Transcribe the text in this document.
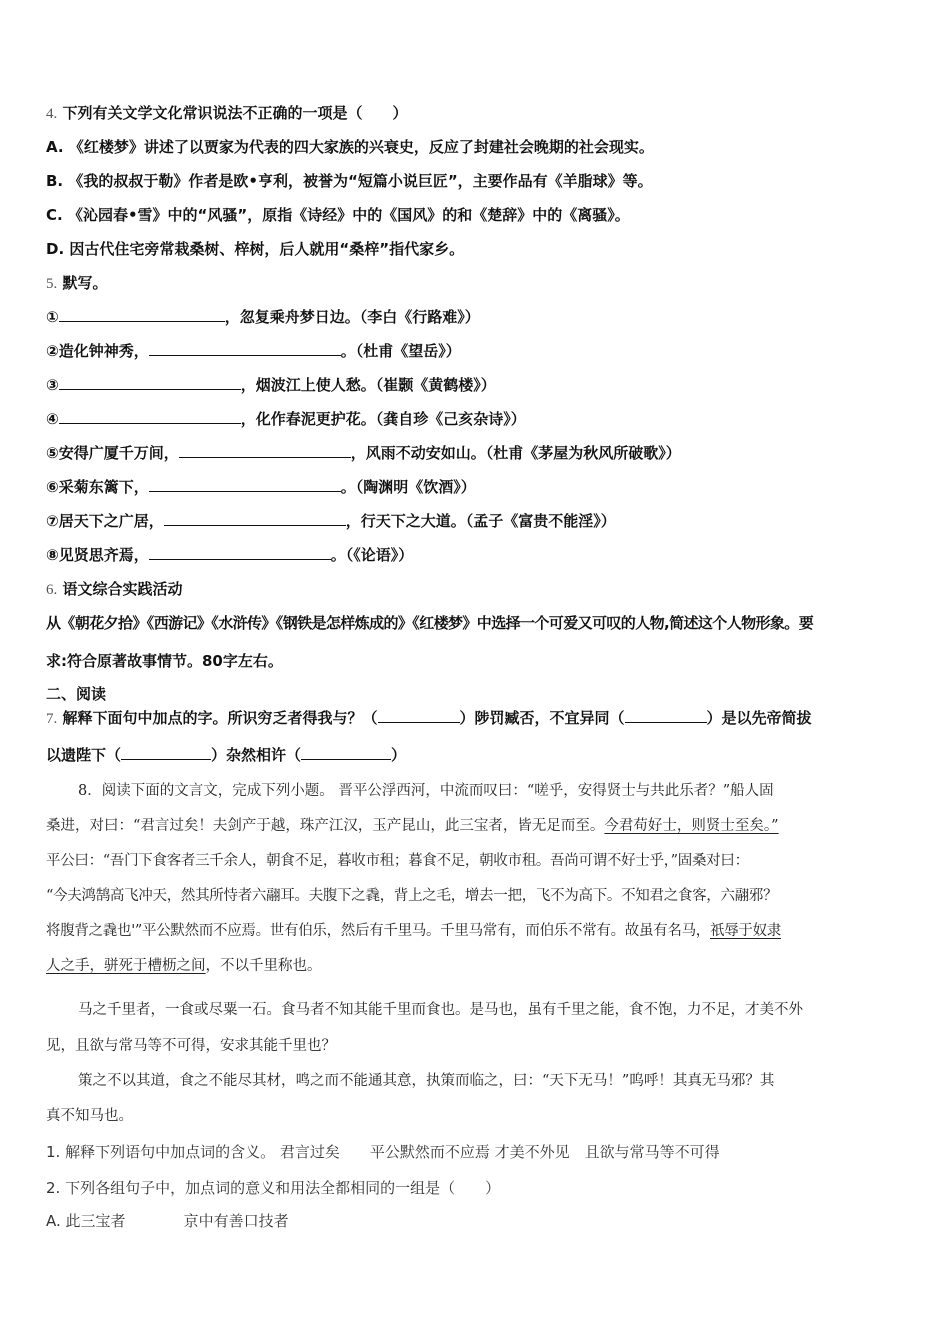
4. 下列有关文学文化常识说法不正确的一项是（　　）
A. 《红楼梦》讲述了以贾家为代表的四大家族的兴衰史，反应了封建社会晚期的社会现实。
B. 《我的叔叔于勒》作者是欧•亨利，被誉为“短篇小说巨匠”，主要作品有《羊脂球》等。
C. 《沁园春•雪》中的“风骚”，原指《诗经》中的《国风》的和《楚辞》中的《离骚》。
D. 因古代住宅旁常栽桑树、梓树，后人就用“桑梓”指代家乡。
5. 默写。
①	，忽复乘舟梦日边。（李白《行路难》）
②造化钟神秀，	。（杜甫《望岳》）
③	，烟波江上使人愁。（崔颢《黄鹤楼》）
④	，化作春泥更护花。（龚自珍《己亥杂诗》）
⑤安得广厦千万间，	，风雨不动安如山。（杜甫《茅屋为秋风所破歌》）
⑥采菊东篱下，	。（陶渊明《饮酒》）
⑦居天下之广居，	，行天下之大道。（孟子《富贵不能淫》）
⑧见贤思齐焉，	。（《论语》）
6. 语文综合实践活动
从《朝花夕拾》《西游记》《水浒传》《钢铁是怎样炼成的》《红楼梦》中选择一个可爱又可叹的人物,简述这个人物形象。要
求:符合原著故事情节。80字左右。
二、阅读
7. 解释下面句中加点的字。所识穷乏者得我与？（	）陟罚臧否，不宜异同（	）是以先帝简拔
以遗陛下（	）杂然相许（	）
8．阅读下面的文言文，完成下列小题。 晋平公浮西河，中流而叹曰：“嗟乎，安得贤士与共此乐者？”船人固
桑进，对曰：“君言过矣！夫剑产于越，珠产江汉，玉产昆山，此三宝者，皆无足而至。今君苟好士，则贤士至矣。”
平公曰：“吾门下食客者三千余人，朝食不足，暮收市租；暮食不足，朝收市租。吾尚可谓不好士乎，”固桑对曰：
“今夫鸿鹄高飞冲天，然其所恃者六翮耳。夫腹下之毳，背上之毛，增去一把，飞不为高下。不知君之食客，六翮邪？
将腹背之毳也'”平公默然而不应焉。世有伯乐，然后有千里马。千里马常有，而伯乐不常有。故虽有名马，祇辱于奴隶
人之手，骈死于槽枥之间，不以千里称也。
马之千里者，一食或尽粟一石。食马者不知其能千里而食也。是马也，虽有千里之能，食不饱，力不足，才美不外
见，且欲与常马等不可得，安求其能千里也？
策之不以其道，食之不能尽其材，鸣之而不能通其意，执策而临之，曰：“天下无马！”呜呼！其真无马邪？其
真不知马也。
1. 解释下列语句中加点词的含义。 君言过矣　　平公默然而不应焉 才美不外见　且欲与常马等不可得
2. 下列各组句子中，加点词的意义和用法全都相同的一组是（　　）
A. 此三宝者	京中有善口技者
